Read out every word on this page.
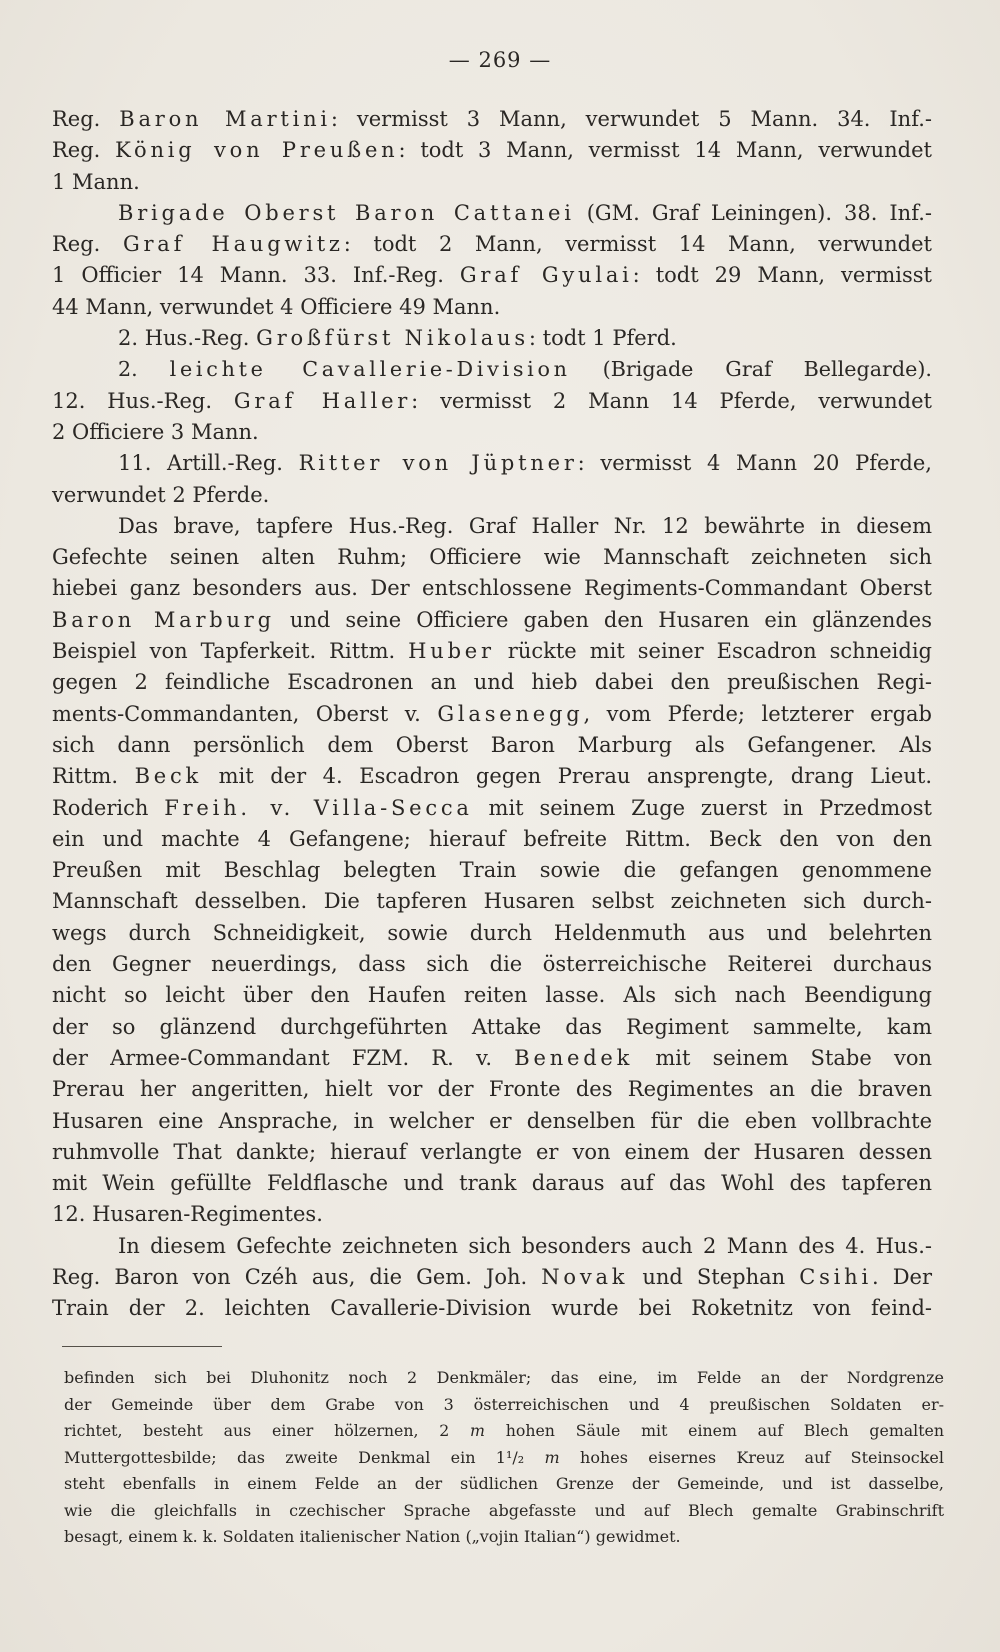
— 269 —
Reg. Baron Martini: vermisst 3 Mann, verwundet 5 Mann. 34. Inf.-
Reg. König von Preußen: todt 3 Mann, vermisst 14 Mann, verwundet
1 Mann.
Brigade Oberst Baron Cattanei (GM. Graf Leiningen). 38. Inf.-
Reg. Graf Haugwitz: todt 2 Mann, vermisst 14 Mann, verwundet
1 Officier 14 Mann. 33. Inf.-Reg. Graf Gyulai: todt 29 Mann, vermisst
44 Mann, verwundet 4 Officiere 49 Mann.
2. Hus.-Reg. Großfürst Nikolaus: todt 1 Pferd.
2. leichte Cavallerie-Division (Brigade Graf Bellegarde).
12. Hus.-Reg. Graf Haller: vermisst 2 Mann 14 Pferde, verwundet
2 Officiere 3 Mann.
11. Artill.-Reg. Ritter von Jüptner: vermisst 4 Mann 20 Pferde,
verwundet 2 Pferde.
Das brave, tapfere Hus.-Reg. Graf Haller Nr. 12 bewährte in diesem
Gefechte seinen alten Ruhm; Officiere wie Mannschaft zeichneten sich
hiebei ganz besonders aus. Der entschlossene Regiments-Commandant Oberst
Baron Marburg und seine Officiere gaben den Husaren ein glänzendes
Beispiel von Tapferkeit. Rittm. Huber rückte mit seiner Escadron schneidig
gegen 2 feindliche Escadronen an und hieb dabei den preußischen Regi-
ments-Commandanten, Oberst v. Glasenegg, vom Pferde; letzterer ergab
sich dann persönlich dem Oberst Baron Marburg als Gefangener. Als
Rittm. Beck mit der 4. Escadron gegen Prerau ansprengte, drang Lieut.
Roderich Freih. v. Villa-Secca mit seinem Zuge zuerst in Przedmost
ein und machte 4 Gefangene; hierauf befreite Rittm. Beck den von den
Preußen mit Beschlag belegten Train sowie die gefangen genommene
Mannschaft desselben. Die tapferen Husaren selbst zeichneten sich durch-
wegs durch Schneidigkeit, sowie durch Heldenmuth aus und belehrten
den Gegner neuerdings, dass sich die österreichische Reiterei durchaus
nicht so leicht über den Haufen reiten lasse. Als sich nach Beendigung
der so glänzend durchgeführten Attake das Regiment sammelte, kam
der Armee-Commandant FZM. R. v. Benedek mit seinem Stabe von
Prerau her angeritten, hielt vor der Fronte des Regimentes an die braven
Husaren eine Ansprache, in welcher er denselben für die eben vollbrachte
ruhmvolle That dankte; hierauf verlangte er von einem der Husaren dessen
mit Wein gefüllte Feldflasche und trank daraus auf das Wohl des tapferen
12. Husaren-Regimentes.
In diesem Gefechte zeichneten sich besonders auch 2 Mann des 4. Hus.-
Reg. Baron von Czéh aus, die Gem. Joh. Novak und Stephan Csihi. Der
Train der 2. leichten Cavallerie-Division wurde bei Roketnitz von feind-
befinden sich bei Dluhonitz noch 2 Denkmäler; das eine, im Felde an der Nordgrenze
der Gemeinde über dem Grabe von 3 österreichischen und 4 preußischen Soldaten er-
richtet, besteht aus einer hölzernen, 2 m hohen Säule mit einem auf Blech gemalten
Muttergottesbilde; das zweite Denkmal ein 1¹/₂ m hohes eisernes Kreuz auf Steinsockel
steht ebenfalls in einem Felde an der südlichen Grenze der Gemeinde, und ist dasselbe,
wie die gleichfalls in czechischer Sprache abgefasste und auf Blech gemalte Grabinschrift
besagt, einem k. k. Soldaten italienischer Nation („vojin Italian“) gewidmet.
